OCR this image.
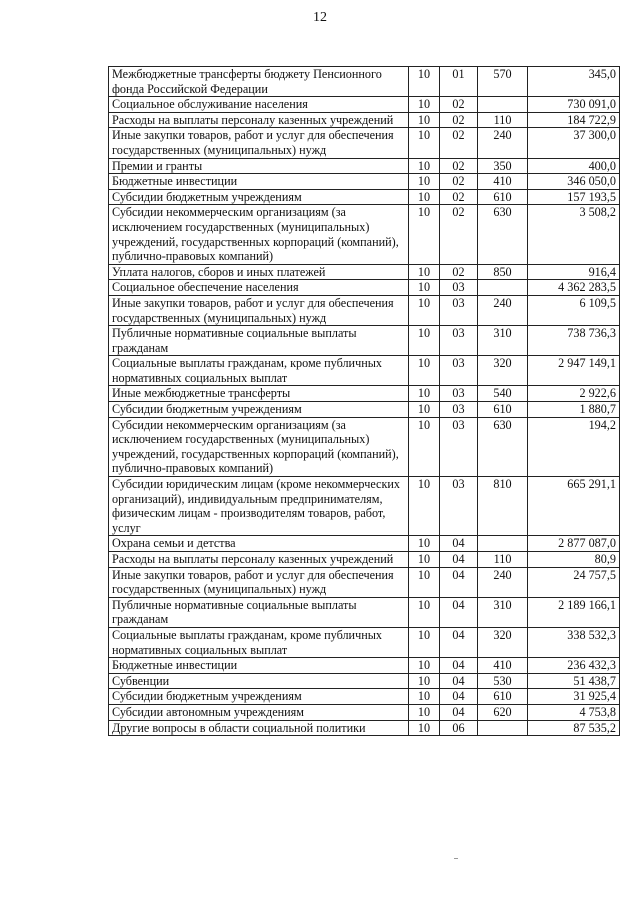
12
Межбюджетные трансферты бюджету Пенсионного фонда Российской Федерации	10	01	570	345,0
Социальное обслуживание населения	10	02		730 091,0
Расходы на выплаты персоналу казенных учреждений	10	02	110	184 722,9
Иные закупки товаров, работ и услуг для обеспечения государственных (муниципальных) нужд	10	02	240	37 300,0
Премии и гранты	10	02	350	400,0
Бюджетные инвестиции	10	02	410	346 050,0
Субсидии бюджетным учреждениям	10	02	610	157 193,5
Субсидии некоммерческим организациям (за исключением государственных (муниципальных) учреждений, государственных корпораций (компаний), публично-правовых компаний)	10	02	630	3 508,2
Уплата налогов, сборов и иных платежей	10	02	850	916,4
Социальное обеспечение населения	10	03		4 362 283,5
Иные закупки товаров, работ и услуг для обеспечения государственных (муниципальных) нужд	10	03	240	6 109,5
Публичные нормативные социальные выплаты гражданам	10	03	310	738 736,3
Социальные выплаты гражданам, кроме публичных нормативных социальных выплат	10	03	320	2 947 149,1
Иные межбюджетные трансферты	10	03	540	2 922,6
Субсидии бюджетным учреждениям	10	03	610	1 880,7
Субсидии некоммерческим организациям (за исключением государственных (муниципальных) учреждений, государственных корпораций (компаний), публично-правовых компаний)	10	03	630	194,2
Субсидии юридическим лицам (кроме некоммерческих организаций), индивидуальным предпринимателям, физическим лицам - производителям товаров, работ, услуг	10	03	810	665 291,1
Охрана семьи и детства	10	04		2 877 087,0
Расходы на выплаты персоналу казенных учреждений	10	04	110	80,9
Иные закупки товаров, работ и услуг для обеспечения государственных (муниципальных) нужд	10	04	240	24 757,5
Публичные нормативные социальные выплаты гражданам	10	04	310	2 189 166,1
Социальные выплаты гражданам, кроме публичных нормативных социальных выплат	10	04	320	338 532,3
Бюджетные инвестиции	10	04	410	236 432,3
Субвенции	10	04	530	51 438,7
Субсидии бюджетным учреждениям	10	04	610	31 925,4
Субсидии автономным учреждениям	10	04	620	4 753,8
Другие вопросы в области социальной политики	10	06		87 535,2
